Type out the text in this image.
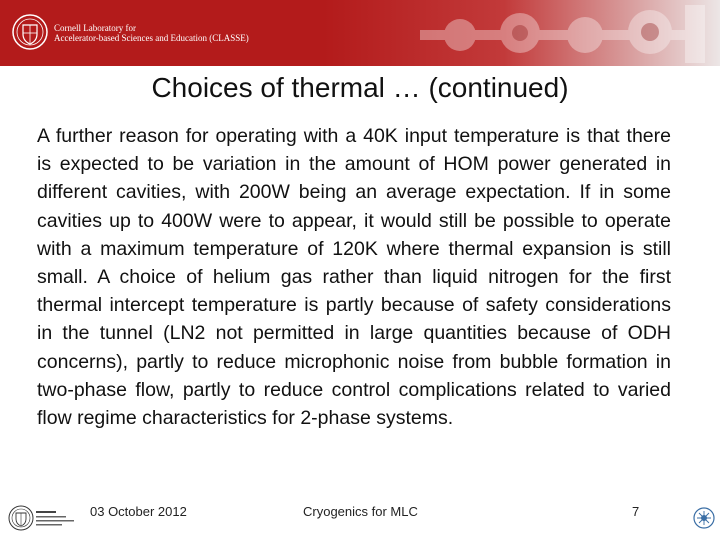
Cornell Laboratory for
Accelerator-based Sciences and Education (CLASSE)
Choices of thermal … (continued)

A further reason for operating with a 40K input temperature is that there is expected to be variation in the amount of HOM power generated in different cavities, with 200W being an average expectation. If in some cavities up to 400W were to appear, it would still be possible to operate with a maximum temperature of 120K where thermal expansion is still small. A choice of helium gas rather than liquid nitrogen for the first thermal intercept temperature is partly because of safety considerations in the tunnel (LN2 not permitted in large quantities because of ODH concerns), partly to reduce microphonic noise from bubble formation in two-phase flow, partly to reduce control complications related to varied flow regime characteristics for 2-phase systems.

03 October 2012	Cryogenics for MLC	7
